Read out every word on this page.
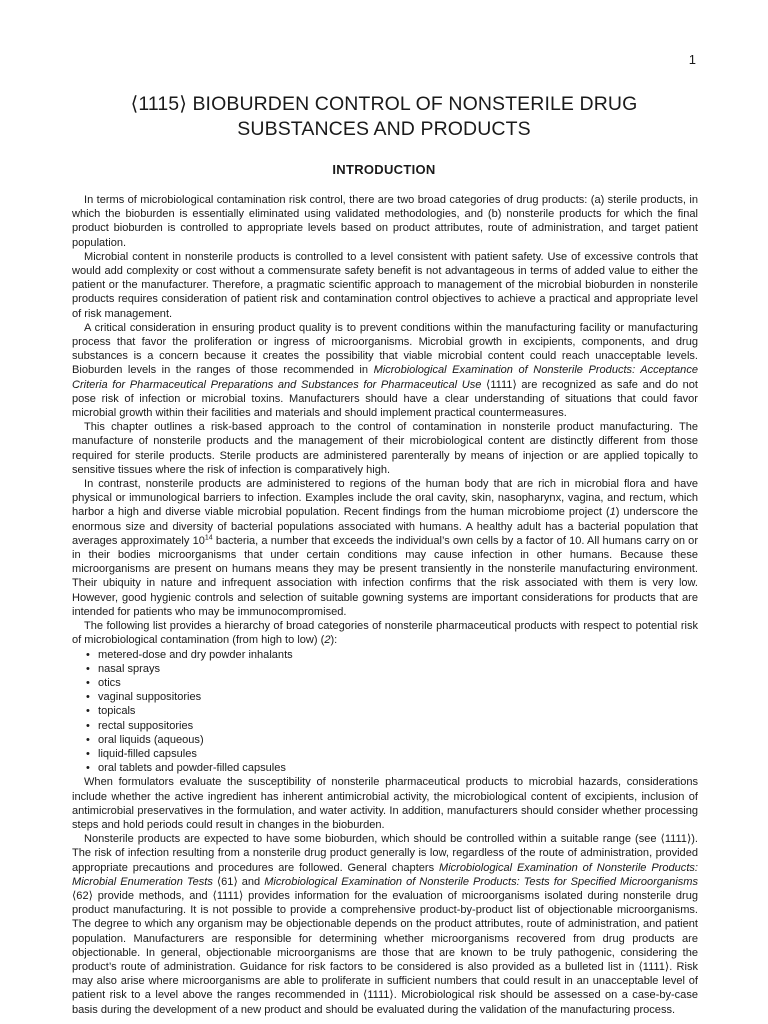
1
⟨1115⟩ BIOBURDEN CONTROL OF NONSTERILE DRUG SUBSTANCES AND PRODUCTS
INTRODUCTION

In terms of microbiological contamination risk control, there are two broad categories of drug products: (a) sterile products, in which the bioburden is essentially eliminated using validated methodologies, and (b) nonsterile products for which the final product bioburden is controlled to appropriate levels based on product attributes, route of administration, and target patient population.

Microbial content in nonsterile products is controlled to a level consistent with patient safety. Use of excessive controls that would add complexity or cost without a commensurate safety benefit is not advantageous in terms of added value to either the patient or the manufacturer. Therefore, a pragmatic scientific approach to management of the microbial bioburden in nonsterile products requires consideration of patient risk and contamination control objectives to achieve a practical and appropriate level of risk management.

A critical consideration in ensuring product quality is to prevent conditions within the manufacturing facility or manufacturing process that favor the proliferation or ingress of microorganisms. Microbial growth in excipients, components, and drug substances is a concern because it creates the possibility that viable microbial content could reach unacceptable levels. Bioburden levels in the ranges of those recommended in Microbiological Examination of Nonsterile Products: Acceptance Criteria for Pharmaceutical Preparations and Substances for Pharmaceutical Use ⟨1111⟩ are recognized as safe and do not pose risk of infection or microbial toxins. Manufacturers should have a clear understanding of situations that could favor microbial growth within their facilities and materials and should implement practical countermeasures.

This chapter outlines a risk-based approach to the control of contamination in nonsterile product manufacturing. The manufacture of nonsterile products and the management of their microbiological content are distinctly different from those required for sterile products. Sterile products are administered parenterally by means of injection or are applied topically to sensitive tissues where the risk of infection is comparatively high.

In contrast, nonsterile products are administered to regions of the human body that are rich in microbial flora and have physical or immunological barriers to infection. Examples include the oral cavity, skin, nasopharynx, vagina, and rectum, which harbor a high and diverse viable microbial population. Recent findings from the human microbiome project (1) underscore the enormous size and diversity of bacterial populations associated with humans. A healthy adult has a bacterial population that averages approximately $10^{14}$ bacteria, a number that exceeds the individual’s own cells by a factor of 10. All humans carry on or in their bodies microorganisms that under certain conditions may cause infection in other humans. Because these microorganisms are present on humans means they may be present transiently in the nonsterile manufacturing environment. Their ubiquity in nature and infrequent association with infection confirms that the risk associated with them is very low. However, good hygienic controls and selection of suitable gowning systems are important considerations for products that are intended for patients who may be immunocompromised.

The following list provides a hierarchy of broad categories of nonsterile pharmaceutical products with respect to potential risk of microbiological contamination (from high to low) (2):

• metered-dose and dry powder inhalants
• nasal sprays
• otics
• vaginal suppositories
• topicals
• rectal suppositories
• oral liquids (aqueous)
• liquid-filled capsules
• oral tablets and powder-filled capsules

When formulators evaluate the susceptibility of nonsterile pharmaceutical products to microbial hazards, considerations include whether the active ingredient has inherent antimicrobial activity, the microbiological content of excipients, inclusion of antimicrobial preservatives in the formulation, and water activity. In addition, manufacturers should consider whether processing steps and hold periods could result in changes in the bioburden.

Nonsterile products are expected to have some bioburden, which should be controlled within a suitable range (see ⟨1111⟩). The risk of infection resulting from a nonsterile drug product generally is low, regardless of the route of administration, provided appropriate precautions and procedures are followed. General chapters Microbiological Examination of Nonsterile Products: Microbial Enumeration Tests ⟨61⟩ and Microbiological Examination of Nonsterile Products: Tests for Specified Microorganisms ⟨62⟩ provide methods, and ⟨1111⟩ provides information for the evaluation of microorganisms isolated during nonsterile drug product manufacturing. It is not possible to provide a comprehensive product-by-product list of objectionable microorganisms. The degree to which any organism may be objectionable depends on the product attributes, route of administration, and patient population. Manufacturers are responsible for determining whether microorganisms recovered from drug products are objectionable. In general, objectionable microorganisms are those that are known to be truly pathogenic, considering the product’s route of administration. Guidance for risk factors to be considered is also provided as a bulleted list in ⟨1111⟩. Risk may also arise where microorganisms are able to proliferate in sufficient numbers that could result in an unacceptable level of patient risk to a level above the ranges recommended in ⟨1111⟩. Microbiological risk should be assessed on a case-by-case basis during the development of a new product and should be evaluated during the validation of the manufacturing process.
